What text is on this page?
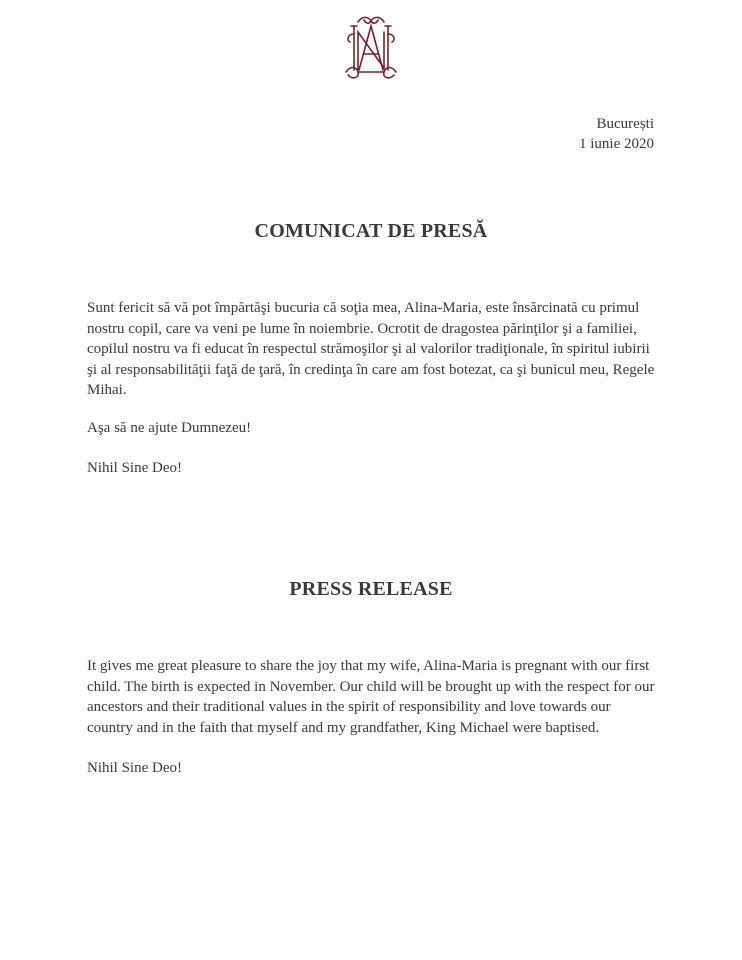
București
1 iunie 2020
COMUNICAT DE PRESĂ

Sunt fericit să vă pot împărtăşi bucuria că soţia mea, Alina-Maria, este însărcinată cu primul nostru copil, care va veni pe lume în noiembrie. Ocrotit de dragostea părinţilor şi a familiei, copilul nostru va fi educat în respectul strămoşilor şi al valorilor tradiţionale, în spiritul iubirii şi al responsabilităţii faţă de ţară, în credinţa în care am fost botezat, ca şi bunicul meu, Regele Mihai.

Aşa să ne ajute Dumnezeu!

Nihil Sine Deo!

PRESS RELEASE

It gives me great pleasure to share the joy that my wife, Alina-Maria is pregnant with our first child. The birth is expected in November. Our child will be brought up with the respect for our ancestors and their traditional values in the spirit of responsibility and love towards our country and in the faith that myself and my grandfather, King Michael were baptised.

Nihil Sine Deo!
